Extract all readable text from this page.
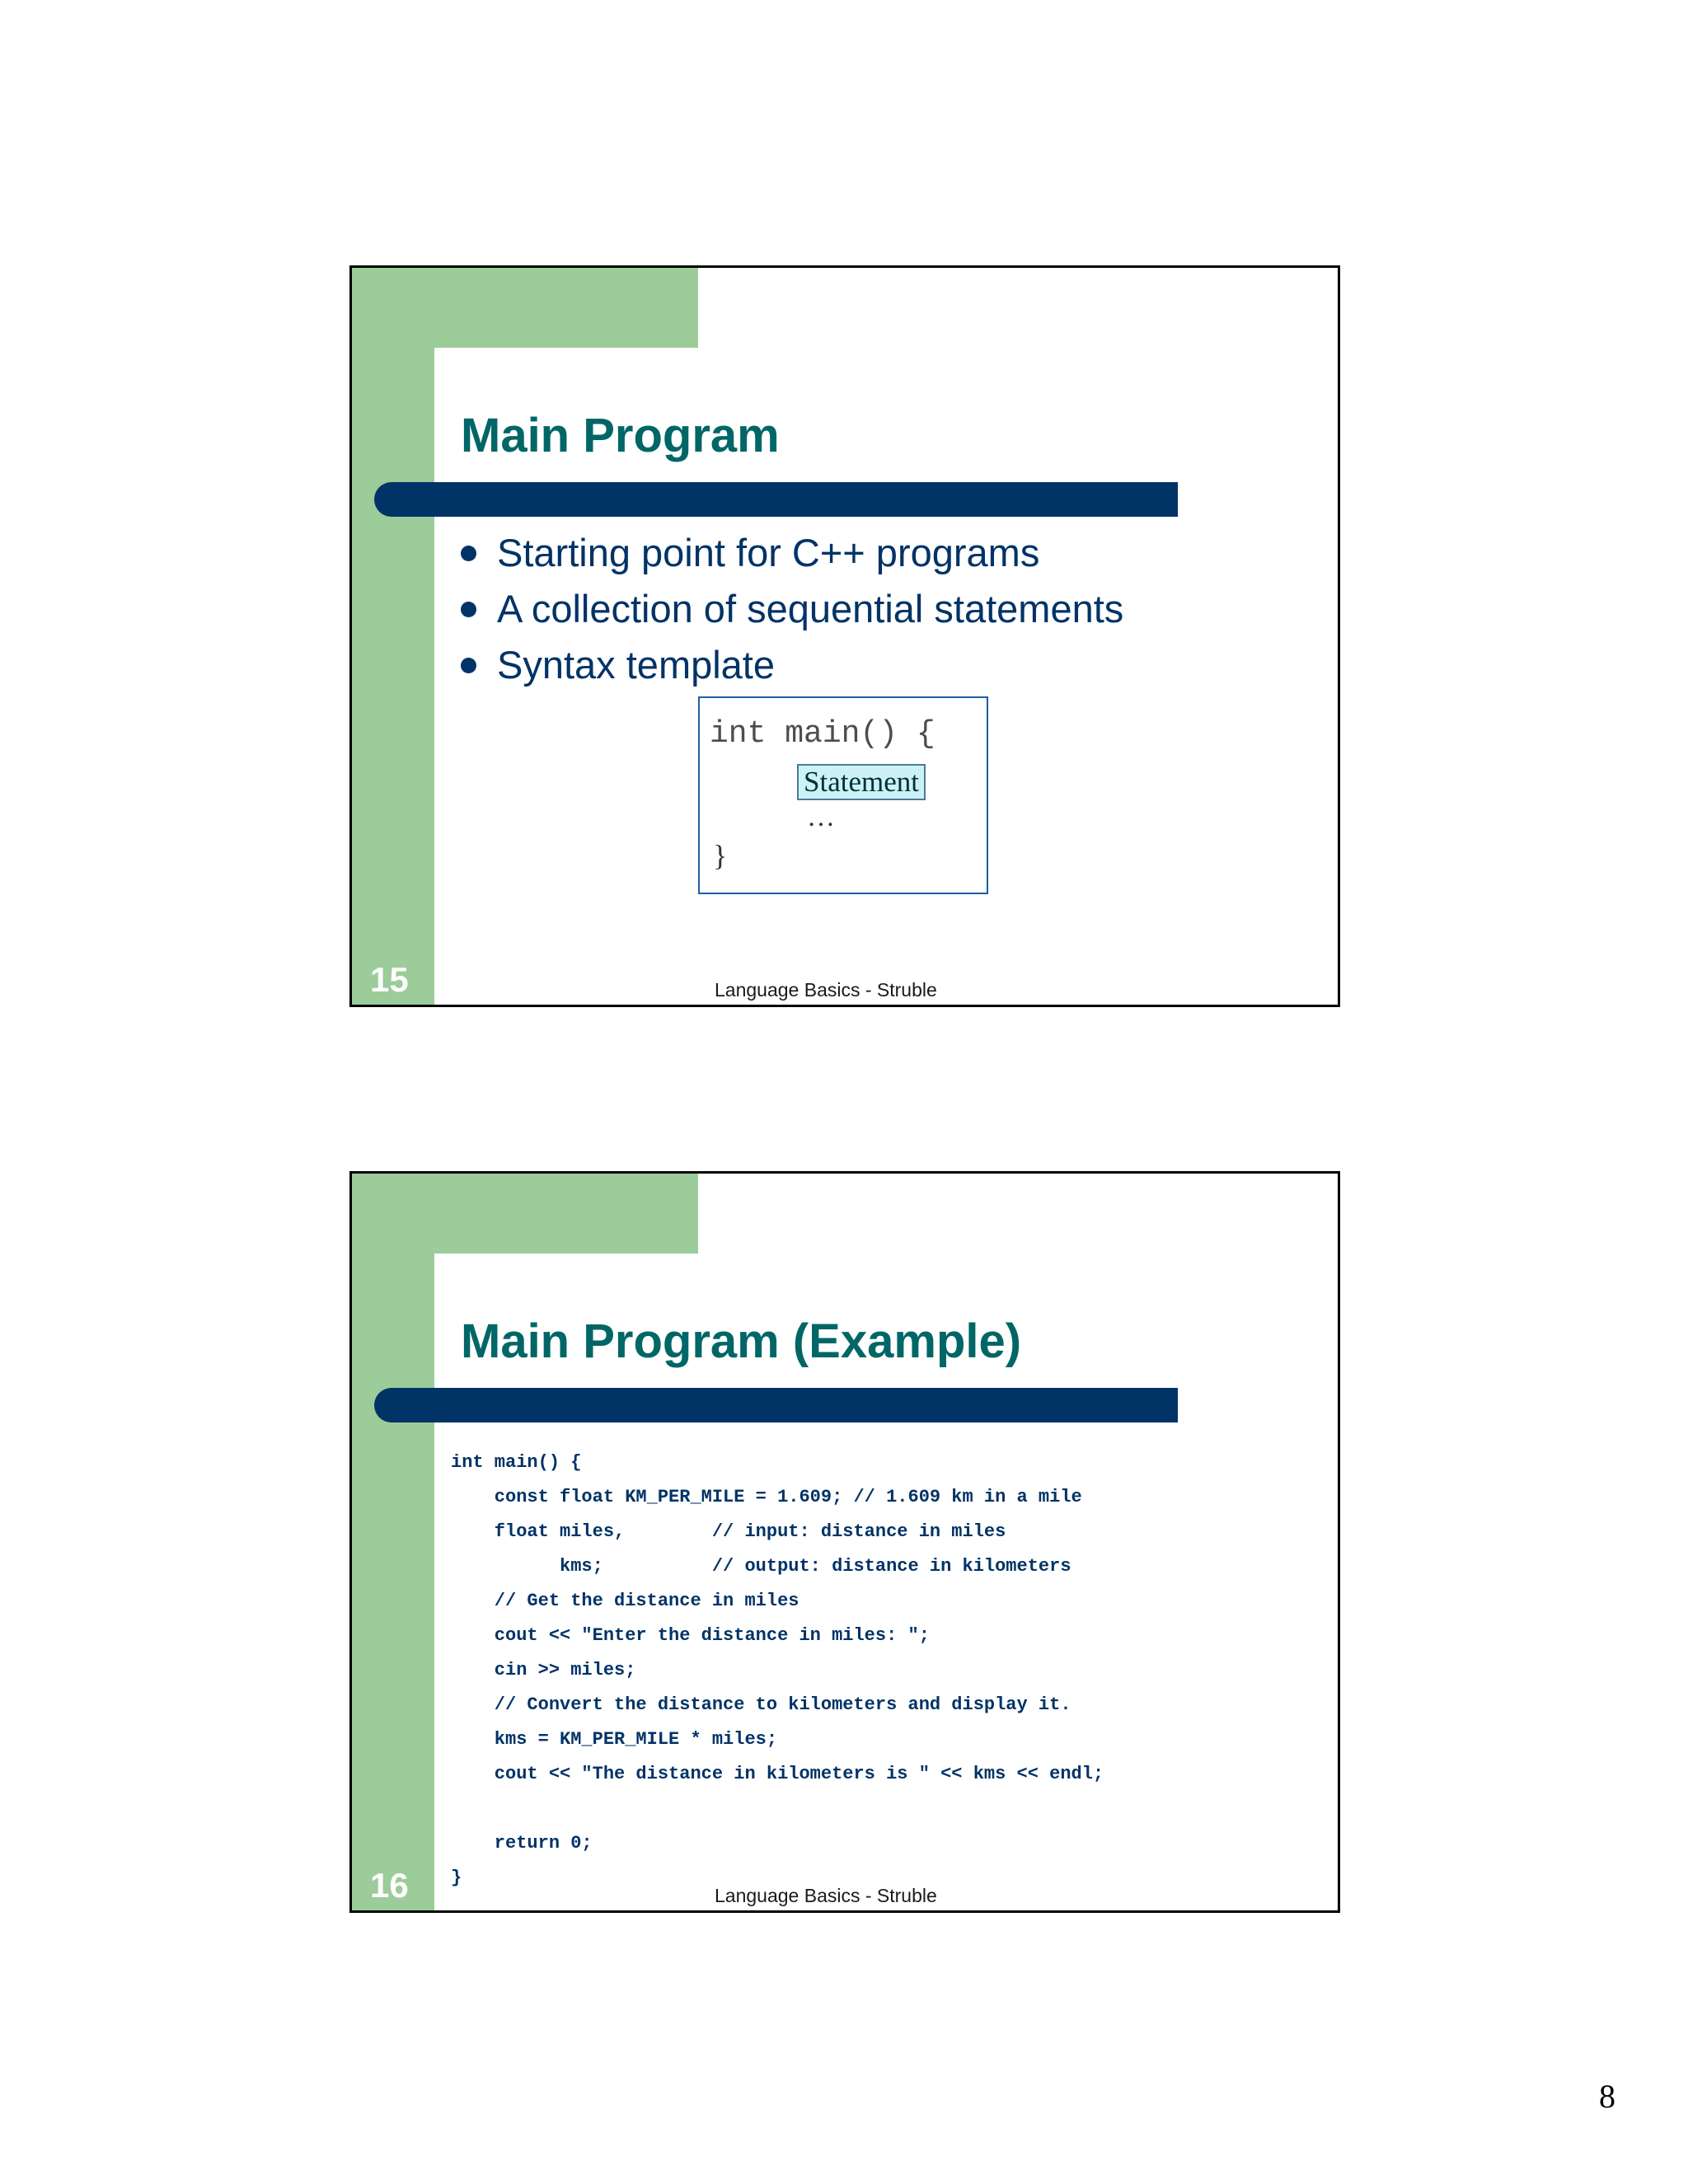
Main Program
Starting point for C++ programs
A collection of sequential statements
Syntax template
int main() {
Statement
…
}
15	Language Basics - Struble
Main Program (Example)
int main() {
const float KM_PER_MILE = 1.609; // 1.609 km in a mile
float miles,        // input: distance in miles
kms;          // output: distance in kilometers
// Get the distance in miles
cout << "Enter the distance in miles: ";
cin >> miles;
// Convert the distance to kilometers and display it.
kms = KM_PER_MILE * miles;
cout << "The distance in kilometers is " << kms << endl;
return 0;
}
16	Language Basics - Struble
8
